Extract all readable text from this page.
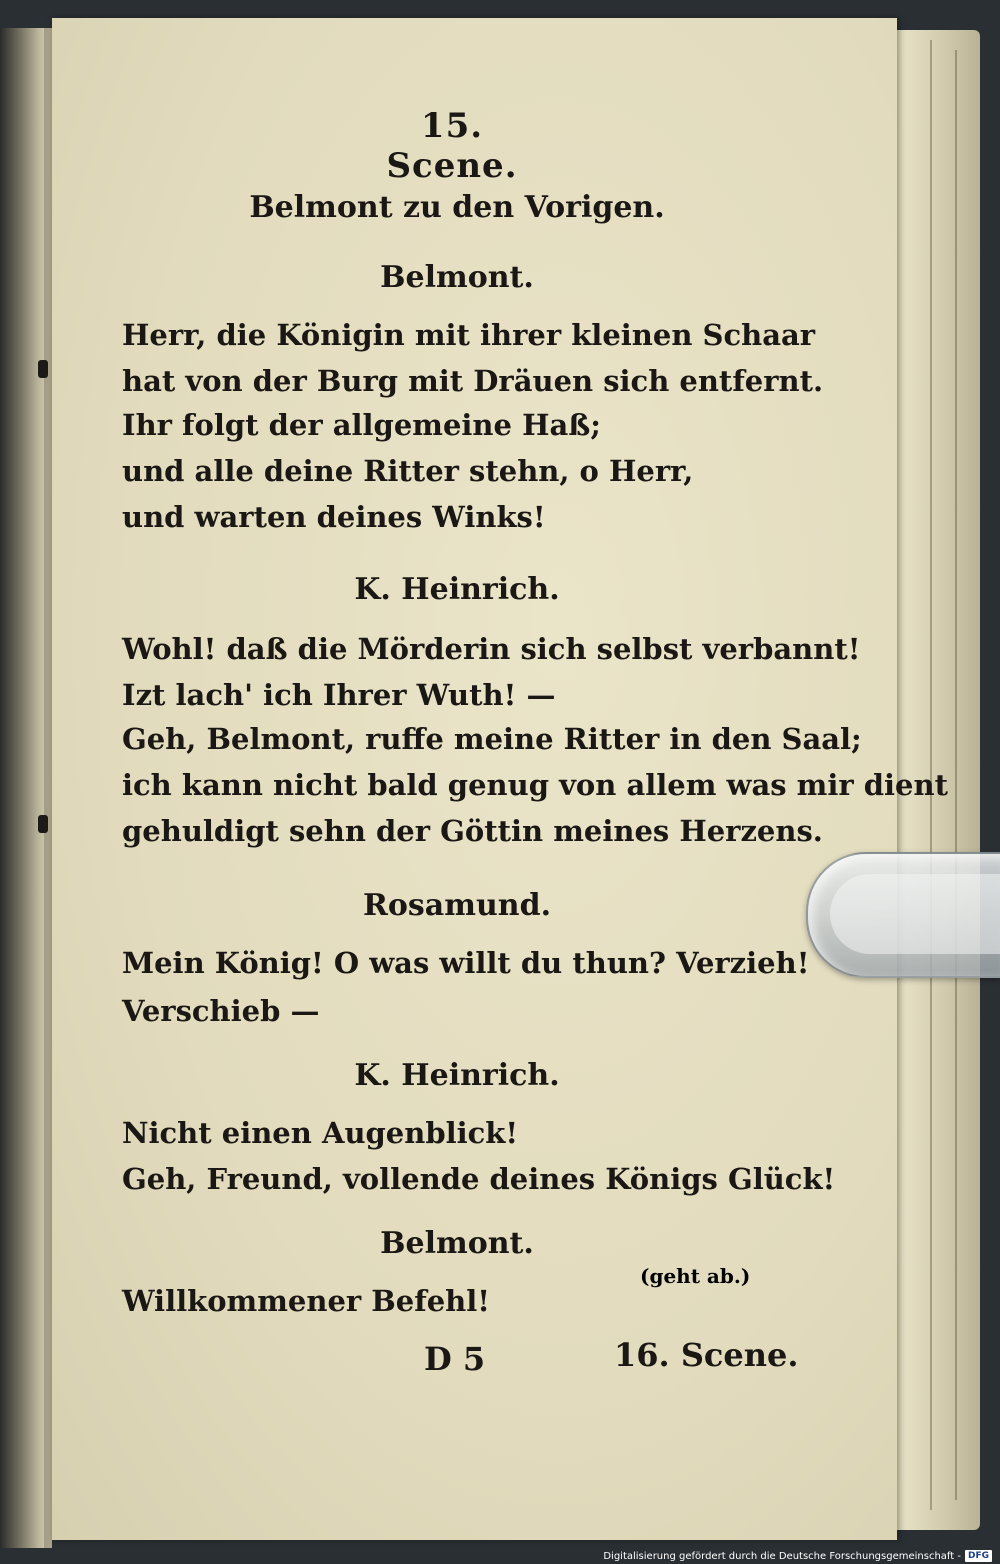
15. Scene.
Belmont zu den Vorigen.
Belmont.
Herr, die Königin mit ihrer kleinen Schaar
hat von der Burg mit Dräuen sich entfernt.
Ihr folgt der allgemeine Haß;
und alle deine Ritter stehn, o Herr,
und warten deines Winks!
K. Heinrich.
Wohl! daß die Mörderin sich selbst verbannt!
Izt lach' ich Ihrer Wuth! —
Geh, Belmont, ruffe meine Ritter in den Saal;
ich kann nicht bald genug von allem was mir dient
gehuldigt sehn der Göttin meines Herzens.
Rosamund.
Mein König! O was willt du thun? Verzieh!
Verschieb —
K. Heinrich.
Nicht einen Augenblick!
Geh, Freund, vollende deines Königs Glück!
Belmont.
Willkommener Befehl!
(geht ab.)
D 5	16. Scene.
Digitalisierung gefördert durch die Deutsche Forschungsgemeinschaft - DFG
